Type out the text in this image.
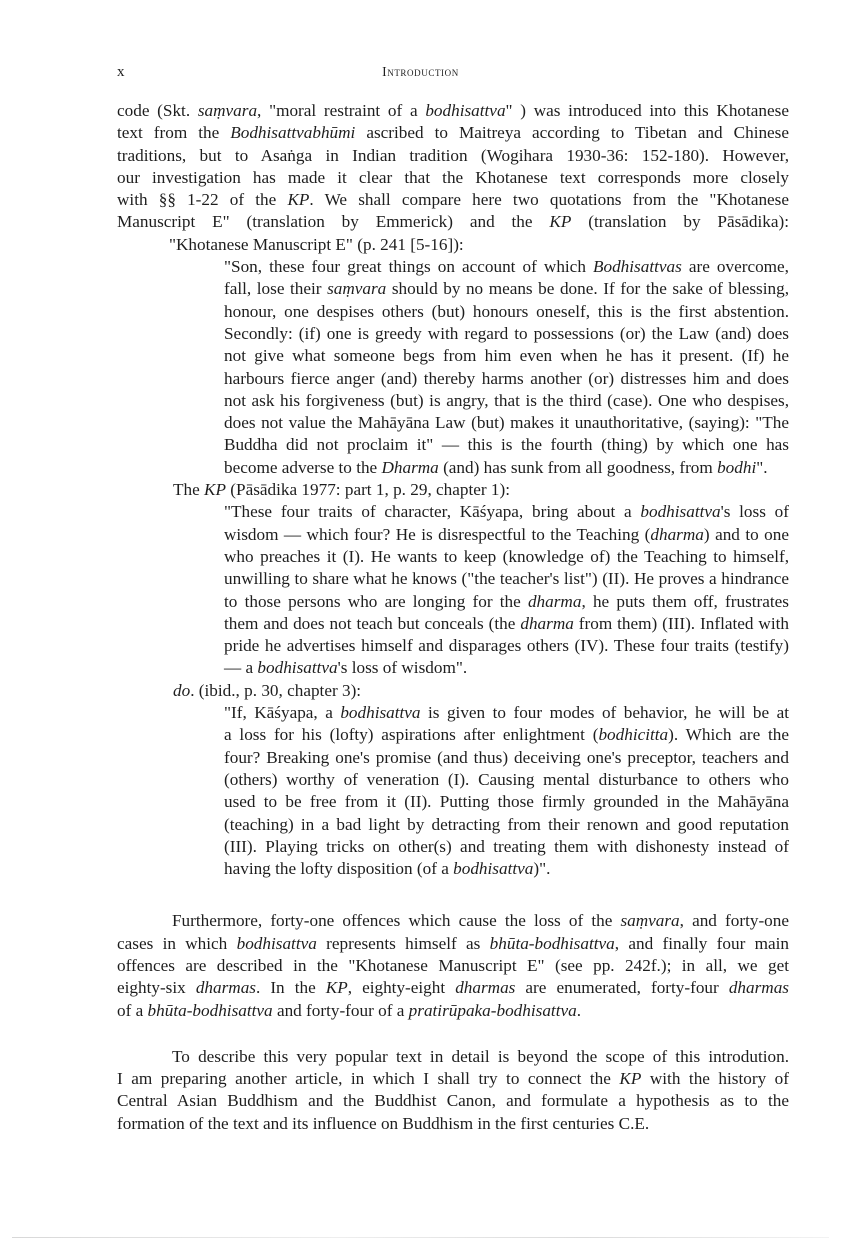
x	Introduction
code (Skt. saṃvara, "moral restraint of a bodhisattva" ) was introduced into this Khotanese
text from the Bodhisattvabhūmi ascribed to Maitreya according to Tibetan and Chinese
traditions, but to Asaṅga in Indian tradition (Wogihara 1930-36: 152-180). However,
our investigation has made it clear that the Khotanese text corresponds more closely
with §§ 1-22 of the KP. We shall compare here two quotations from the "Khotanese
Manuscript E" (translation by Emmerick) and the KP (translation by Pāsādika):
"Khotanese Manuscript E" (p. 241 [5-16]):
"Son, these four great things on account of which Bodhisattvas are overcome,
fall, lose their saṃvara should by no means be done. If for the sake of blessing,
honour, one despises others (but) honours oneself, this is the first abstention.
Secondly: (if) one is greedy with regard to possessions (or) the Law (and) does
not give what someone begs from him even when he has it present. (If) he
harbours fierce anger (and) thereby harms another (or) distresses him and does
not ask his forgiveness (but) is angry, that is the third (case). One who despises,
does not value the Mahāyāna Law (but) makes it unauthoritative, (saying): "The
Buddha did not proclaim it" — this is the fourth (thing) by which one has
become adverse to the Dharma (and) has sunk from all goodness, from bodhi".
The KP (Pāsādika 1977: part 1, p. 29, chapter 1):
"These four traits of character, Kāśyapa, bring about a bodhisattva's loss of
wisdom — which four? He is disrespectful to the Teaching (dharma) and to one
who preaches it (I). He wants to keep (knowledge of) the Teaching to himself,
unwilling to share what he knows ("the teacher's list") (II). He proves a hindrance
to those persons who are longing for the dharma, he puts them off, frustrates
them and does not teach but conceals (the dharma from them) (III). Inflated with
pride he advertises himself and disparages others (IV). These four traits (testify)
— a bodhisattva's loss of wisdom".
do. (ibid., p. 30, chapter 3):
"If, Kāśyapa, a bodhisattva is given to four modes of behavior, he will be at
a loss for his (lofty) aspirations after enlightment (bodhicitta). Which are the
four? Breaking one's promise (and thus) deceiving one's preceptor, teachers and
(others) worthy of veneration (I). Causing mental disturbance to others who
used to be free from it (II). Putting those firmly grounded in the Mahāyāna
(teaching) in a bad light by detracting from their renown and good reputation
(III). Playing tricks on other(s) and treating them with dishonesty instead of
having the lofty disposition (of a bodhisattva)".
Furthermore, forty-one offences which cause the loss of the saṃvara, and forty-one
cases in which bodhisattva represents himself as bhūta-bodhisattva, and finally four main
offences are described in the "Khotanese Manuscript E" (see pp. 242f.); in all, we get
eighty-six dharmas. In the KP, eighty-eight dharmas are enumerated, forty-four dharmas
of a bhūta-bodhisattva and forty-four of a pratirūpaka-bodhisattva.
To describe this very popular text in detail is beyond the scope of this introdution.
I am preparing another article, in which I shall try to connect the KP with the history of
Central Asian Buddhism and the Buddhist Canon, and formulate a hypothesis as to the
formation of the text and its influence on Buddhism in the first centuries C.E.
